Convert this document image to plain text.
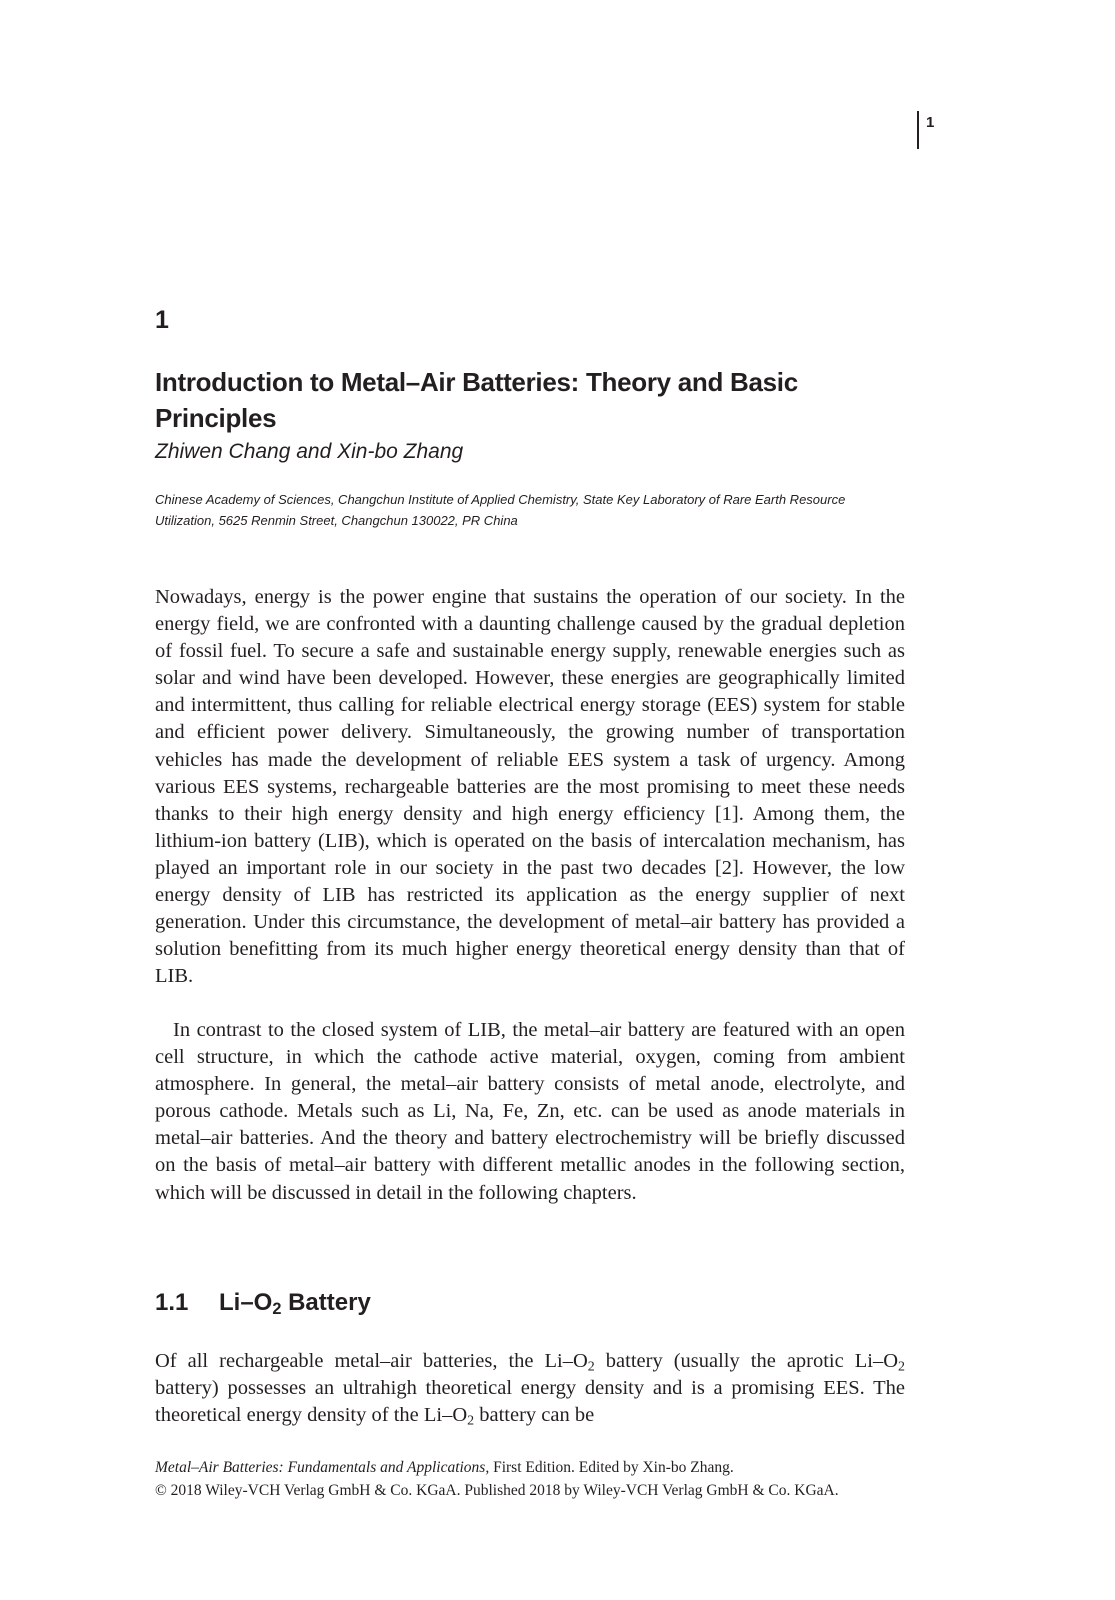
1
1
Introduction to Metal–Air Batteries: Theory and Basic Principles
Zhiwen Chang and Xin-bo Zhang
Chinese Academy of Sciences, Changchun Institute of Applied Chemistry, State Key Laboratory of Rare Earth Resource Utilization, 5625 Renmin Street, Changchun 130022, PR China

Nowadays, energy is the power engine that sustains the operation of our society. In the energy field, we are confronted with a daunting challenge caused by the gradual depletion of fossil fuel. To secure a safe and sustainable energy supply, renewable energies such as solar and wind have been developed. However, these energies are geographically limited and intermittent, thus calling for reliable electrical energy storage (EES) system for stable and efficient power delivery. Simultaneously, the growing number of transportation vehicles has made the development of reliable EES system a task of urgency. Among various EES systems, rechargeable batteries are the most promising to meet these needs thanks to their high energy density and high energy efficiency [1]. Among them, the lithium-ion battery (LIB), which is operated on the basis of intercalation mechanism, has played an important role in our society in the past two decades [2]. However, the low energy density of LIB has restricted its application as the energy supplier of next generation. Under this circumstance, the development of metal–air battery has provided a solution benefitting from its much higher energy theoretical energy density than that of LIB.

In contrast to the closed system of LIB, the metal–air battery are featured with an open cell structure, in which the cathode active material, oxygen, coming from ambient atmosphere. In general, the metal–air battery consists of metal anode, electrolyte, and porous cathode. Metals such as Li, Na, Fe, Zn, etc. can be used as anode materials in metal–air batteries. And the theory and battery electrochemistry will be briefly discussed on the basis of metal–air battery with different metallic anodes in the following section, which will be discussed in detail in the following chapters.

1.1 $Li-O_2$ Battery

Of all rechargeable metal–air batteries, the $Li-O_2$ battery (usually the aprotic $Li-O_2$ battery) possesses an ultrahigh theoretical energy density and is a promising EES. The theoretical energy density of the $Li-O_2$ battery can be

Metal–Air Batteries: Fundamentals and Applications, First Edition. Edited by Xin-bo Zhang.
© 2018 Wiley-VCH Verlag GmbH & Co. KGaA. Published 2018 by Wiley-VCH Verlag GmbH & Co. KGaA.
